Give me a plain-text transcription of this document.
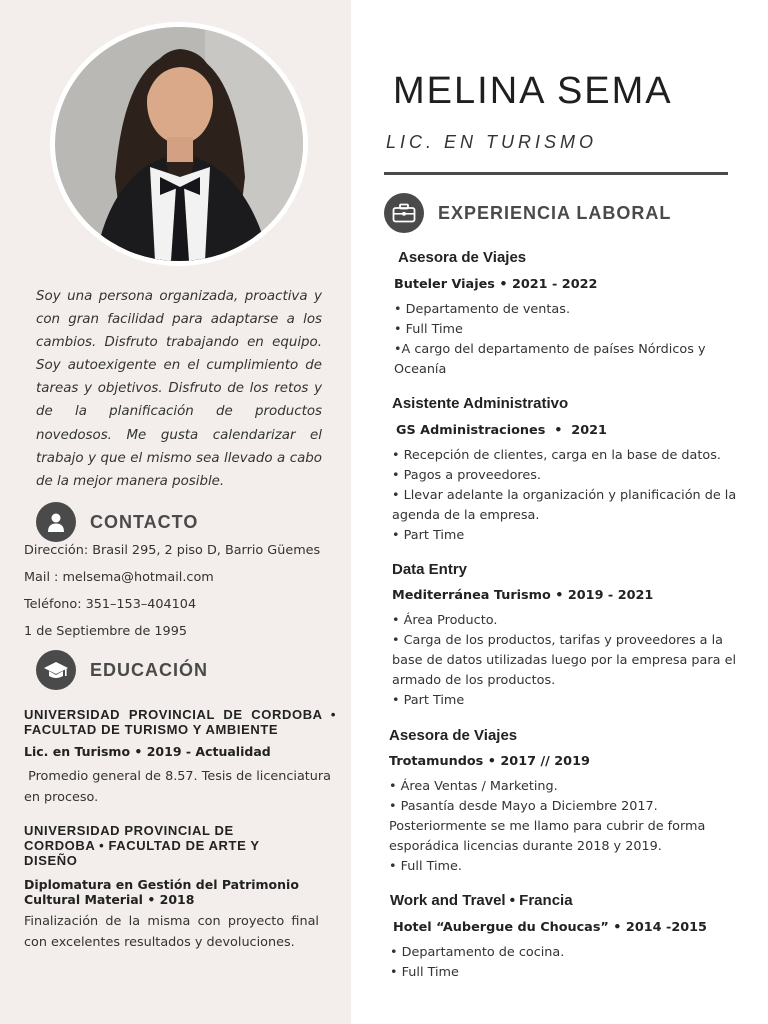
Soy una persona organizada, proactiva y con gran facilidad para adaptarse a los cambios. Disfruto trabajando en equipo. Soy autoexigente en el cumplimiento de tareas y objetivos. Disfruto de los retos y de la planificación de productos novedosos. Me gusta calendarizar el trabajo y que el mismo sea llevado a cabo de la mejor manera posible.

CONTACTO
Dirección: Brasil 295, 2 piso D, Barrio Güemes
Mail : melsema@hotmail.com
Teléfono: 351–153–404104
1 de Septiembre de 1995
EDUCACIÓN
UNIVERSIDAD PROVINCIAL DE CORDOBA • FACULTAD DE TURISMO Y AMBIENTE
Lic. en Turismo • 2019 - Actualidad
Promedio general de 8.57. Tesis de licenciatura en proceso.
UNIVERSIDAD PROVINCIAL DE CORDOBA • FACULTAD DE ARTE Y DISEÑO
Diplomatura en Gestión del Patrimonio Cultural Material • 2018
Finalización de la misma con proyecto final con excelentes resultados y devoluciones.
MELINA SEMA
LIC. EN TURISMO
EXPERIENCIA LABORAL
Asesora de Viajes
Buteler Viajes • 2021 - 2022
• Departamento de ventas.
• Full Time
•A cargo del departamento de países Nórdicos y Oceanía
Asistente Administrativo
GS Administraciones  •  2021
• Recepción de clientes, carga en la base de datos.
• Pagos a proveedores.
• Llevar adelante la organización y planificación de la agenda de la empresa.
• Part Time
Data Entry
Mediterránea Turismo • 2019 - 2021
• Área Producto.
• Carga de los productos, tarifas y proveedores a la base de datos utilizadas luego por la empresa para el armado de los productos.
• Part Time
Asesora de Viajes
Trotamundos • 2017 // 2019
• Área Ventas / Marketing.
• Pasantía desde Mayo a Diciembre 2017. Posteriormente se me llamo para cubrir de forma esporádica licencias durante 2018 y 2019.
• Full Time.
Work and Travel • Francia
Hotel “Aubergue du Choucas” • 2014 -2015
• Departamento de cocina.
• Full Time
